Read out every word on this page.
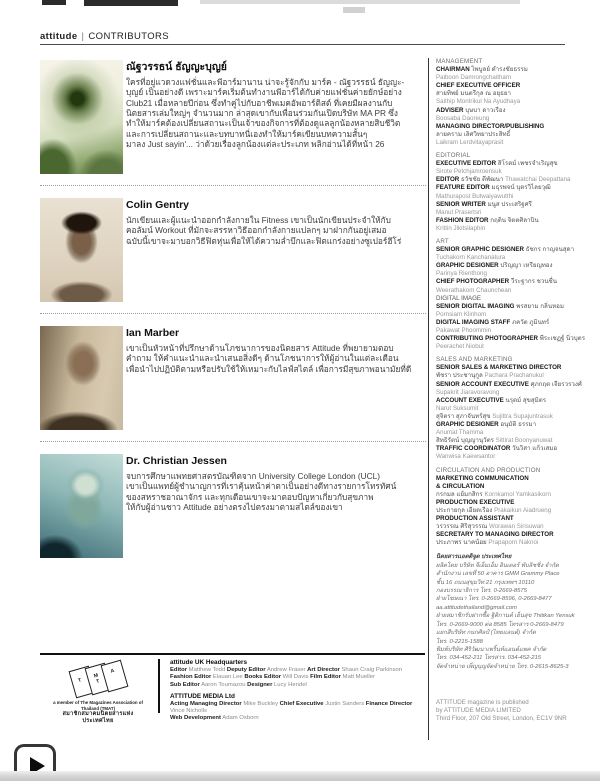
attitude | CONTRIBUTORS
ณัฐวรรธน์ ธัญญะบุญย์
ใครที่อยู่แวดวงแฟชั่นและพีอาร์มานาน น่าจะรู้จักกับ มาร์ค - ณัฐวรรธน์ ธัญญะ-
บุญย์ เป็นอย่างดี เพราะมาร์คเริ่มต้นทำงานพีอาร์ได้กับค่ายแฟชั่นค่ายยักษ์อย่าง
Club21 เมื่อหลายปีก่อน ซึ่งทำคู่ไปกับอาชีพเมคอัพอาร์ติสต์ ที่เคยมีผลงานกับ
นิตยสารเล่มใหญ่ๆ จำนวนมาก ล่าสุดเขากับเพื่อนร่วมกันเปิดบริษัท MA PR ซึ่ง
ทำให้มาร์คต้องเปลี่ยนสถานะเป็นเจ้าของกิจการที่ต้องดูแลลูกน้องหลายสิบชีวิต
และการเปลี่ยนสถานะและบทบาทนี่เองทำให้มาร์คเขียนบทความสั้นๆ
มาลง Just sayin'... ว่าด้วยเรื่องลูกน้องแต่ละประเภท พลิกอ่านได้ที่หน้า 26
Colin Gentry
นักเขียนและผู้แนะนำออกกำลังกายใน Fitness เขาเป็นนักเขียนประจำให้กับ
คอลัมน์ Workout ที่มักจะสรรหาวิธีออกกำลังกายแปลกๆ มาฝากกันอยู่เสมอ
ฉบับนี้เขาจะมาบอกวิธีฟิตหุ่นเพื่อให้ได้ความล่ำบึกและฟิตแกร่งอย่างซูเปอร์ฮีโร่
Ian Marber
เขาเป็นหัวหน้าที่ปรึกษาด้านโภชนาการของนิตยสาร Attitude ที่พยายามตอบ
คำถาม ให้คำแนะนำและนำเสนอสิ่งดีๆ ด้านโภชนาการให้ผู้อ่านในแต่ละเดือน
เพื่อนำไปปฏิบัติตามหรือปรับใช้ให้เหมาะกับไลฟ์สไตล์ เพื่อการมีสุขภาพอนามัยที่ดี
Dr. Christian Jessen
จบการศึกษาแพทยศาสตรบัณฑิตจาก University College London (UCL)
เขาเป็นแพทย์ผู้ชำนาญการที่เราคุ้นหน้าค่าตาเป็นอย่างดีทางรายการโทรทัศน์
ของสหราชอาณาจักร และทุกเดือนเขาจะมาตอบปัญหาเกี่ยวกับสุขภาพ
ให้กับผู้อ่านชาว Attitude อย่างตรงไปตรงมาตามสไตล์ของเขา
MANAGEMENT
CHAIRMAN ไพบูลย์ ดำรงชัยธรรม
Paiboon Damrongchaitham
CHIEF EXECUTIVE OFFICER
สายทิพย์ มนตรีกุล ณ อยุธยา
Saithip Montrikul Na Ayudhaya
ADVISER บุษบา ดาวเรือง
Boosaba Daoreung
MANAGING DIRECTOR/PUBLISHING
ลายคราม เลิศวิทยาประสิทธิ์
Laikram Lerdvitayaprasit
EDITORIAL
EXECUTIVE EDITOR สิโรตม์ เพชรจำเริญสุข
Sirote Petchjamroensuk
EDITOR ธวัชชัย ดีพัฒนา Thawatchai Deepattana
FEATURE EDITOR มธุรพจน์ บุตรวิไลยวุฒิ
Mathurapost Butwaiyawutthi
SENIOR WRITER มนูส ประเสริฐศรี
Manut Prasertsri
FASHION EDITOR กฤติน จิตตศิลาปิน
Krittin Jikitsilaphin
ART
SENIOR GRAPHIC DESIGNER ธัชกร กาญจนสุดา
Tuchakorn Kanchanatura
GRAPHIC DESIGNER ปริญญา เหรียญทอง
Parinya Rienthong
CHIEF PHOTOGRAPHER วีระฐากร ชวนชื่น
Weerathakom Chaunchean
DIGITAL IMAGE
SENIOR DIGITAL IMAGING พรสยาม กลิ่นหอม
Pornsiam Klinhom
DIGITAL IMAGING STAFF ภควัต ภูมินทร์
Pakawat Phoommin
CONTRIBUTING PHOTOGRAPHER พีระเชฏฐ์ นิ่วบุตร
Peerachet Niobut
SALES AND MARKETING
SENIOR SALES & MARKETING DIRECTOR
พัชรา ประชานุกูล Pachara Prachanukul
SENIOR ACCOUNT EXECUTIVE ศุภกฤต เจียรวรวงศ์
Supakrit Jiaravoravong
ACCOUNT EXECUTIVE นรุตม์ สุขสุมิตร
Narut Suksumit
สุจิตรา สุภาจันทร์สุข Sujittra Supajuntrasuk
GRAPHIC DESIGNER อนุมัติ ธรรมา
Anumat Thamma
สิทธิรัตน์ บุญญานุวัตร Sittirat Boonyanuwat
TRAFFIC COORDINATOR วันวิสา แก้วเสมอ
Wanwisa Kaewsantor
CIRCULATION AND PRODUCTION
MARKETING COMMUNICATION
& CIRCULATION
กรกมล แย้มกสิกร Kornkamol Yamkasikorn
PRODUCTION EXECUTIVE
ประกายกุล เอียดเรือง Prakaikun Aiadrueng
PRODUCTION ASSISTANT
วรวรรณ ศิริสุวรรณ Worawan Sirisuwan
SECRETARY TO MANAGING DIRECTOR
ประภาพร นาคน้อย Prapaporn Naknoi
นิตยสารแอตติจูด ประเทศไทย
ผลิตโดย บริษัท จีเอ็มเอ็ม อินเตอร์ พับลิชชิ่ง จำกัด
สำนักงาน เลขที่ 50 อาคาร GMM Grammy Place
ชั้น 16 ถนนสุขุมวิท 21 กรุงเทพฯ 10110
กองบรรณาธิการ โทร. 0-2669-8575
ฝ่ายโฆษณา โทร. 0-2669-8596, 0-2669-8477
aa.attitudethailand@gmail.com
ฝ่ายสมาชิกรับฝากซื้อ ฐิติกานต์ เย็นสุข Thitikan Yensuk
โทร. 0-2669-9000 ต่อ 8585 โทรสาร 0-2669-8479
แยกสีบริษัท กนกศิลป์ (ไทยแลนด์) จำกัด
โทร. 0-2215-1588
พิมพ์บริษัท ศิริวัฒนาเพริ้นท์แอนด์แพค จำกัด
โทร. 034-452-211 โทรสาร. 034-452-215
จัดจำหน่าย เพ็ญบุญจัดจำหน่าย โทร. 0-2615-8625-3
ATTITUDE magazine is published
by ATTITUDE MEDIA LIMITED
Third Floor, 207 Old Street, London, EC1V 9NR
T M A T
a member of The Magazines Association of Thailand (TMAT)
สมาชิกสมาคมนิตยสารแห่งประเทศไทย
attitude UK Headquarters
Editor Matthew Todd Deputy Editor Andrew Fraser Art Director Shaun Craig Parkinson
Fashion Editor Elauan Lee Books Editor Will Davis Film Editor Matt Mueller
Sub Editor Aaron Toumazou Designer Lucy Hendel
ATTITUDE MEDIA Ltd
Acting Managing Director Mike Buckley Chief Executive Justin Sanders Finance Director Vince Nicholls
Web Development Adam Osborn
